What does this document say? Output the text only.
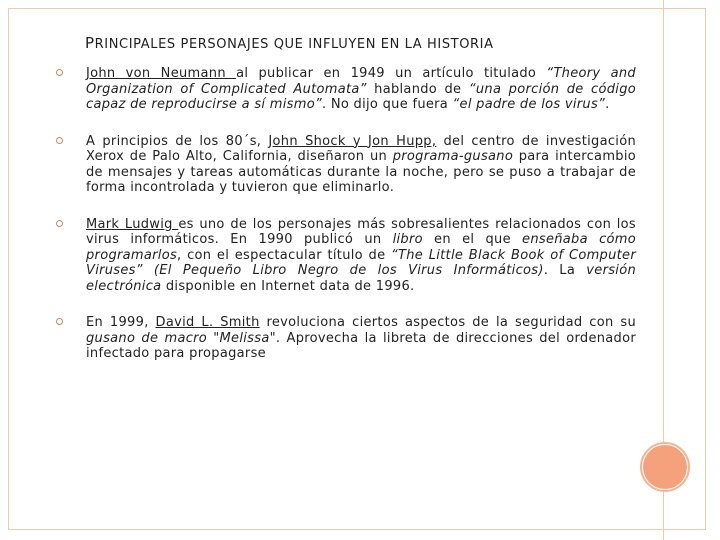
PRINCIPALES PERSONAJES QUE INFLUYEN EN LA HISTORIA
John von Neumann al publicar en 1949 un artículo titulado “Theory and Organization of Complicated Automata” hablando de “una porción de código capaz de reproducirse a sí mismo”. No dijo que fuera “el padre de los virus”.
A principios de los 80´s, John Shock y Jon Hupp, del centro de investigación Xerox de Palo Alto, California, diseñaron un programa-gusano para intercambio de mensajes y tareas automáticas durante la noche, pero se puso a trabajar de forma incontrolada y tuvieron que eliminarlo.
Mark Ludwig es uno de los personajes más sobresalientes relacionados con los virus informáticos. En 1990 publicó un libro en el que enseñaba cómo programarlos, con el espectacular título de “The Little Black Book of Computer Viruses” (El Pequeño Libro Negro de los Virus Informáticos). La versión electrónica disponible en Internet data de 1996.
En 1999, David L. Smith revoluciona ciertos aspectos de la seguridad con su gusano de macro "Melissa". Aprovecha la libreta de direcciones del ordenador infectado para propagarse
